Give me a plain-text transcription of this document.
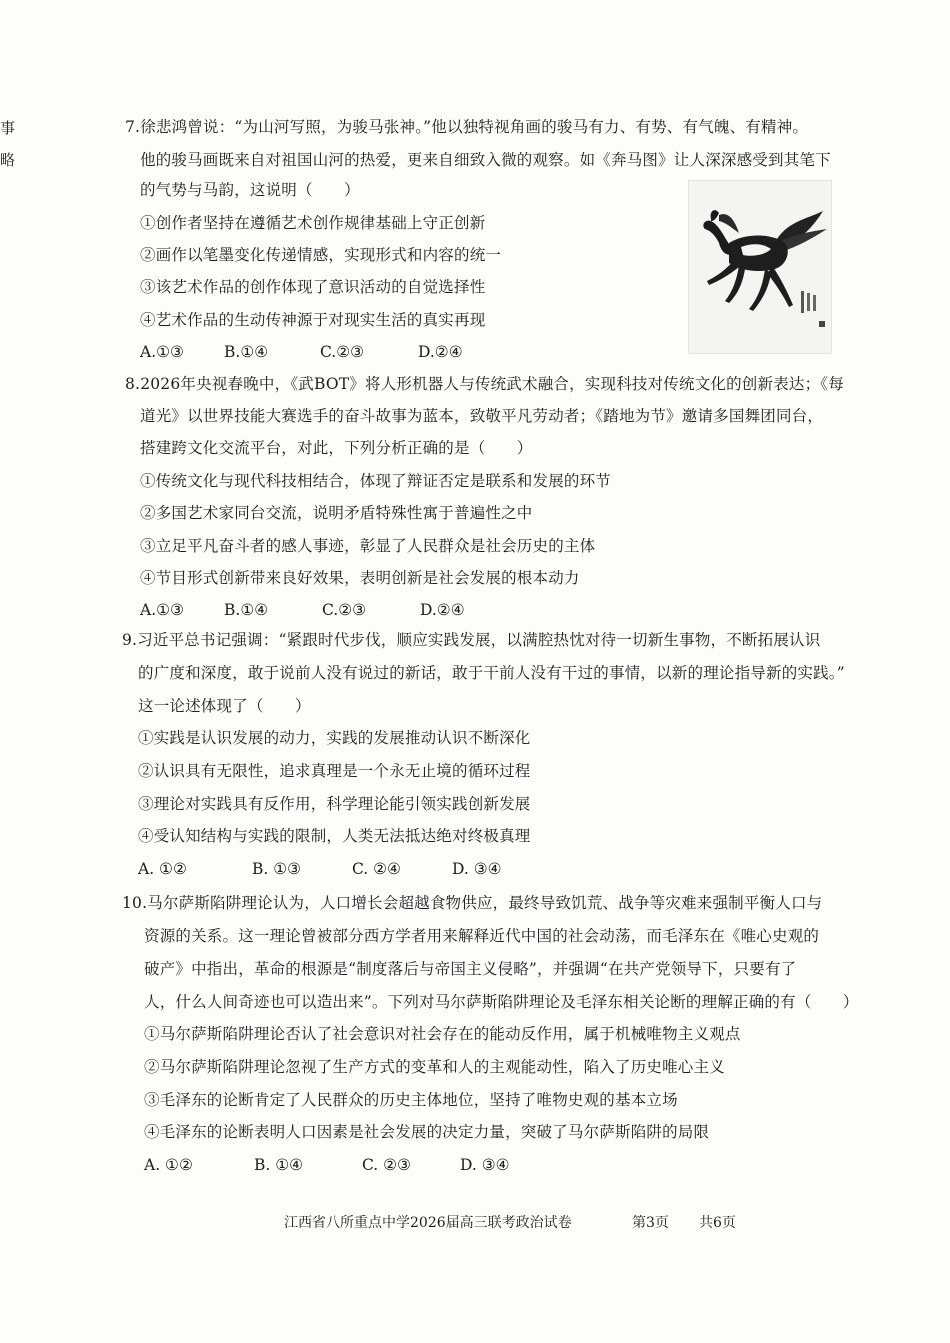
事
略
7.徐悲鸿曾说：“为山河写照，为骏马张神。”他以独特视角画的骏马有力、有势、有气魄、有精神。
他的骏马画既来自对祖国山河的热爱，更来自细致入微的观察。如《奔马图》让人深深感受到其笔下
的气势与马韵，这说明（　　）
①创作者坚持在遵循艺术创作规律基础上守正创新
②画作以笔墨变化传递情感，实现形式和内容的统一
③该艺术作品的创作体现了意识活动的自觉选择性
④艺术作品的生动传神源于对现实生活的真实再现
A.①③	B.①④	C.②③	D.②④
8.2026年央视春晚中，《武BOT》将人形机器人与传统武术融合，实现科技对传统文化的创新表达；《每
道光》以世界技能大赛选手的奋斗故事为蓝本，致敬平凡劳动者；《踏地为节》邀请多国舞团同台，
搭建跨文化交流平台，对此，下列分析正确的是（　　）
①传统文化与现代科技相结合，体现了辩证否定是联系和发展的环节
②多国艺术家同台交流，说明矛盾特殊性寓于普遍性之中
③立足平凡奋斗者的感人事迹，彰显了人民群众是社会历史的主体
④节目形式创新带来良好效果，表明创新是社会发展的根本动力
A.①③	B.①④	C.②③	D.②④
9.习近平总书记强调：“紧跟时代步伐，顺应实践发展，以满腔热忱对待一切新生事物，不断拓展认识
的广度和深度，敢于说前人没有说过的新话，敢于干前人没有干过的事情，以新的理论指导新的实践。”
这一论述体现了（　　）
①实践是认识发展的动力，实践的发展推动认识不断深化
②认识具有无限性，追求真理是一个永无止境的循环过程
③理论对实践具有反作用，科学理论能引领实践创新发展
④受认知结构与实践的限制，人类无法抵达绝对终极真理
A. ①②	B. ①③	C. ②④	D. ③④
10.马尔萨斯陷阱理论认为，人口增长会超越食物供应，最终导致饥荒、战争等灾难来强制平衡人口与
资源的关系。这一理论曾被部分西方学者用来解释近代中国的社会动荡，而毛泽东在《唯心史观的
破产》中指出，革命的根源是“制度落后与帝国主义侵略”，并强调“在共产党领导下，只要有了
人，什么人间奇迹也可以造出来”。下列对马尔萨斯陷阱理论及毛泽东相关论断的理解正确的有（　　）
①马尔萨斯陷阱理论否认了社会意识对社会存在的能动反作用，属于机械唯物主义观点
②马尔萨斯陷阱理论忽视了生产方式的变革和人的主观能动性，陷入了历史唯心主义
③毛泽东的论断肯定了人民群众的历史主体地位，坚持了唯物史观的基本立场
④毛泽东的论断表明人口因素是社会发展的决定力量，突破了马尔萨斯陷阱的局限
A. ①②	B. ①④	C. ②③	D. ③④
江西省八所重点中学2026届高三联考政治试卷	第3页 共6页
